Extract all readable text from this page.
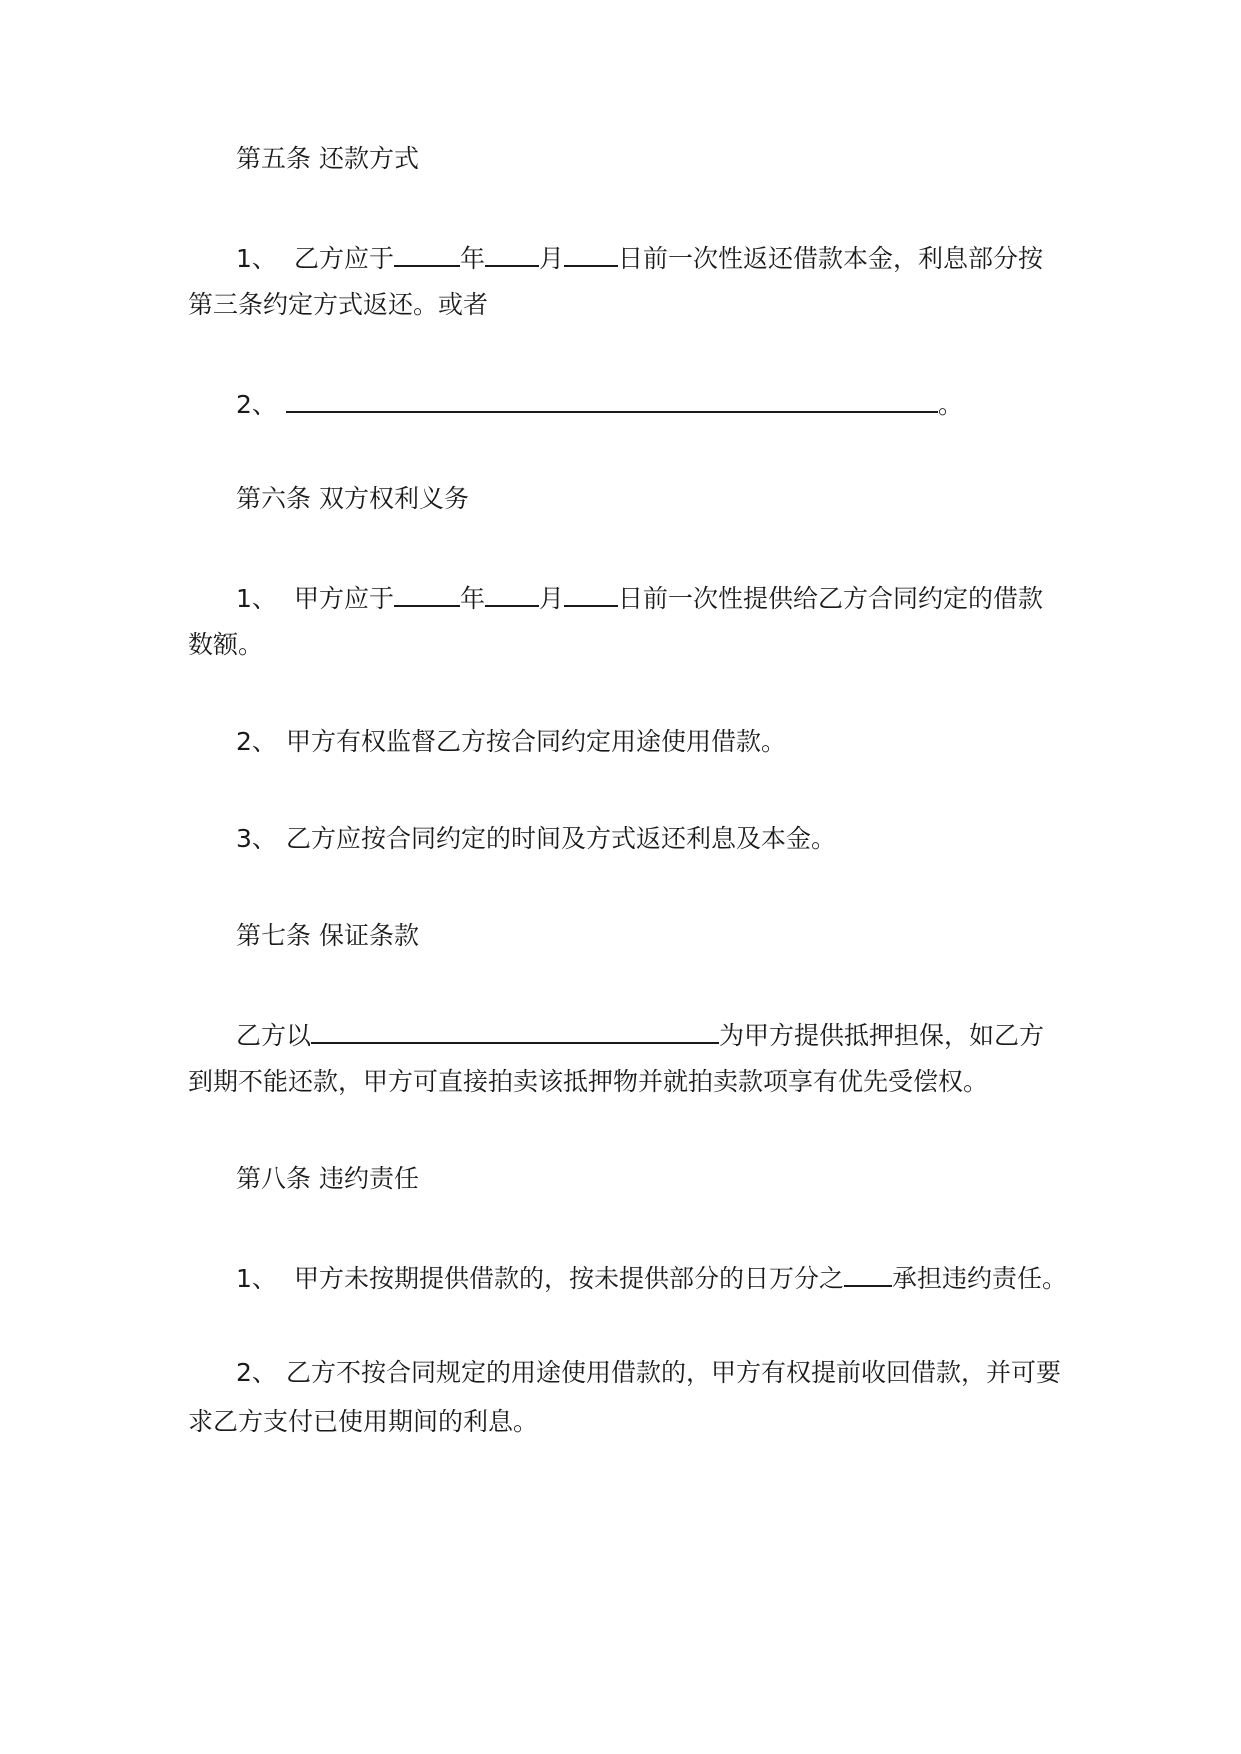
第五条 还款方式
1、 乙方应于	年 月 日前一次性返还借款本金，利息部分按
第三条约定方式返还。或者
2、	。
第六条 双方权利义务
1、 甲方应于	年 月 日前一次性提供给乙方合同约定的借款
数额。
2、 甲方有权监督乙方按合同约定用途使用借款。
3、 乙方应按合同约定的时间及方式返还利息及本金。
第七条 保证条款
乙方以	为甲方提供抵押担保，如乙方
到期不能还款，甲方可直接拍卖该抵押物并就拍卖款项享有优先受偿权。
第八条 违约责任
1、 甲方未按期提供借款的，按未提供部分的日万分之 承担违约责任。
2、 乙方不按合同规定的用途使用借款的，甲方有权提前收回借款，并可要
求乙方支付已使用期间的利息。
